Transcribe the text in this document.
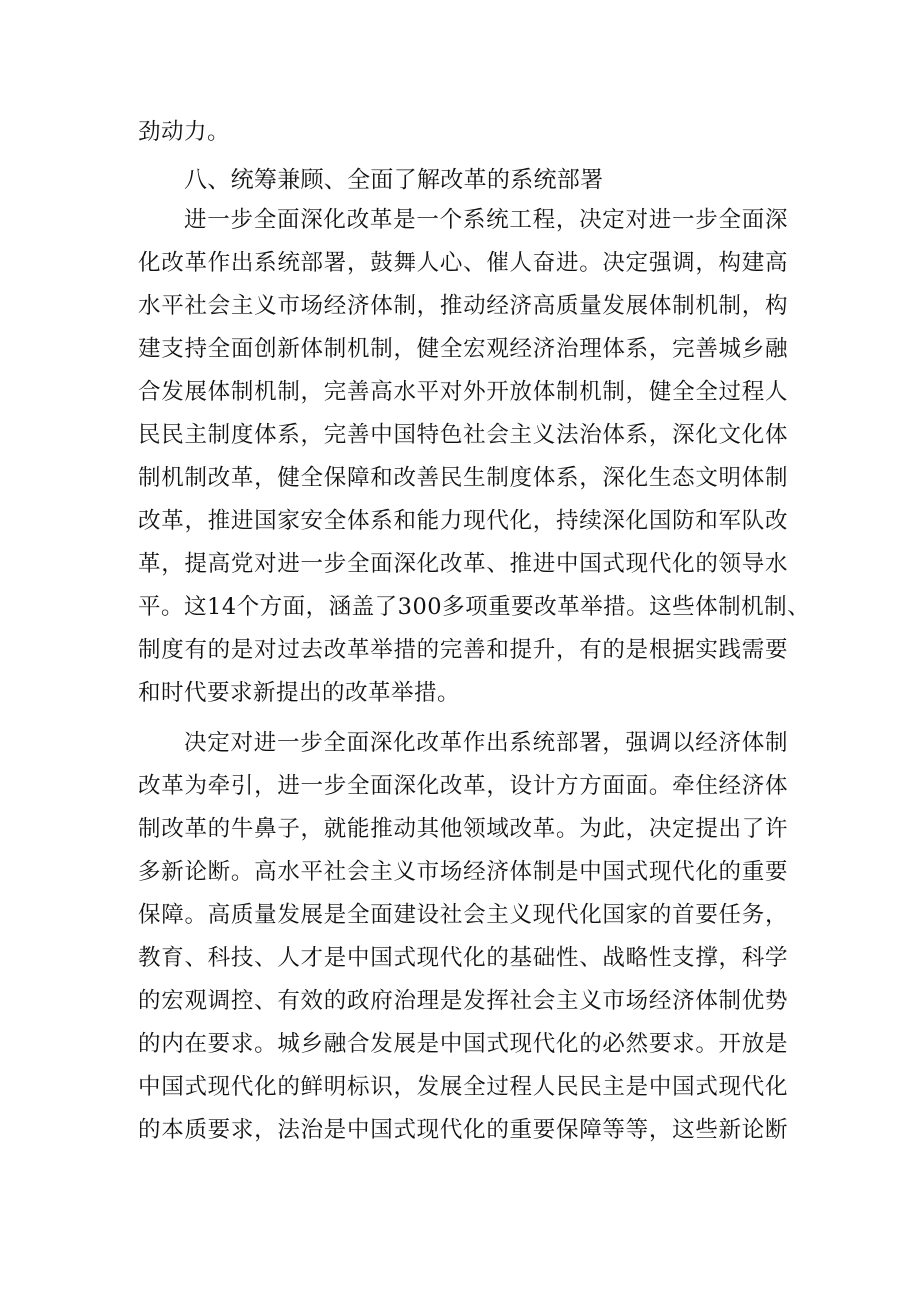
劲动力。
八、统筹兼顾、全面了解改革的系统部署
进一步全面深化改革是一个系统工程，决定对进一步全面深
化改革作出系统部署，鼓舞人心、催人奋进。决定强调，构建高
水平社会主义市场经济体制，推动经济高质量发展体制机制，构
建支持全面创新体制机制，健全宏观经济治理体系，完善城乡融
合发展体制机制，完善高水平对外开放体制机制，健全全过程人
民民主制度体系，完善中国特色社会主义法治体系，深化文化体
制机制改革，健全保障和改善民生制度体系，深化生态文明体制
改革，推进国家安全体系和能力现代化，持续深化国防和军队改
革，提高党对进一步全面深化改革、推进中国式现代化的领导水
平。这14个方面，涵盖了300多项重要改革举措。这些体制机制、
制度有的是对过去改革举措的完善和提升，有的是根据实践需要
和时代要求新提出的改革举措。
决定对进一步全面深化改革作出系统部署，强调以经济体制
改革为牵引，进一步全面深化改革，设计方方面面。牵住经济体
制改革的牛鼻子，就能推动其他领域改革。为此，决定提出了许
多新论断。高水平社会主义市场经济体制是中国式现代化的重要
保障。高质量发展是全面建设社会主义现代化国家的首要任务，
教育、科技、人才是中国式现代化的基础性、战略性支撑，科学
的宏观调控、有效的政府治理是发挥社会主义市场经济体制优势
的内在要求。城乡融合发展是中国式现代化的必然要求。开放是
中国式现代化的鲜明标识，发展全过程人民民主是中国式现代化
的本质要求，法治是中国式现代化的重要保障等等，这些新论断
